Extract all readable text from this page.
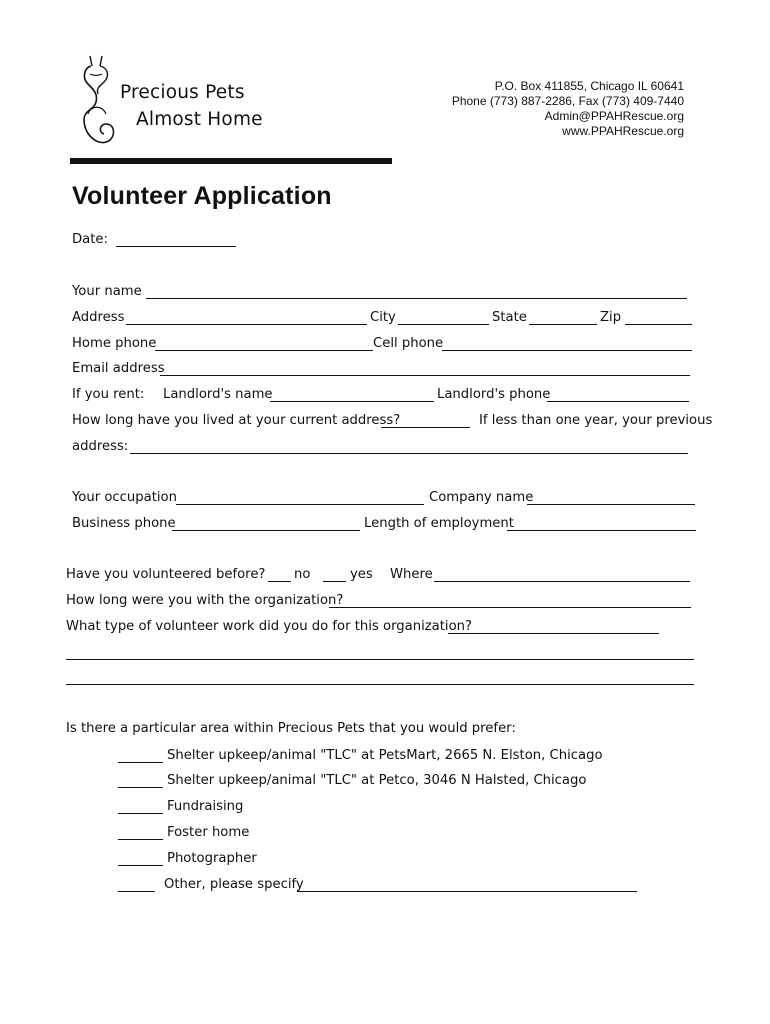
Precious Pets
Almost Home
P.O. Box 411855, Chicago IL 60641
Phone (773) 887-2286, Fax (773) 409-7440
Admin@PPAHRescue.org
www.PPAHRescue.org
Volunteer Application
Date:
Your name
Address	City	State	Zip
Home phone	Cell phone
Email address
If you rent: Landlord's name	Landlord's phone
How long have you lived at your current address?	If less than one year, your previous
address:
Your occupation	Company name
Business phone	Length of employment
Have you volunteered before? no	yes Where
How long were you with the organization?
What type of volunteer work did you do for this organization?
Is there a particular area within Precious Pets that you would prefer:
Shelter upkeep/animal "TLC" at PetsMart, 2665 N. Elston, Chicago
Shelter upkeep/animal "TLC" at Petco, 3046 N Halsted, Chicago
Fundraising
Foster home
Photographer
Other, please specify
